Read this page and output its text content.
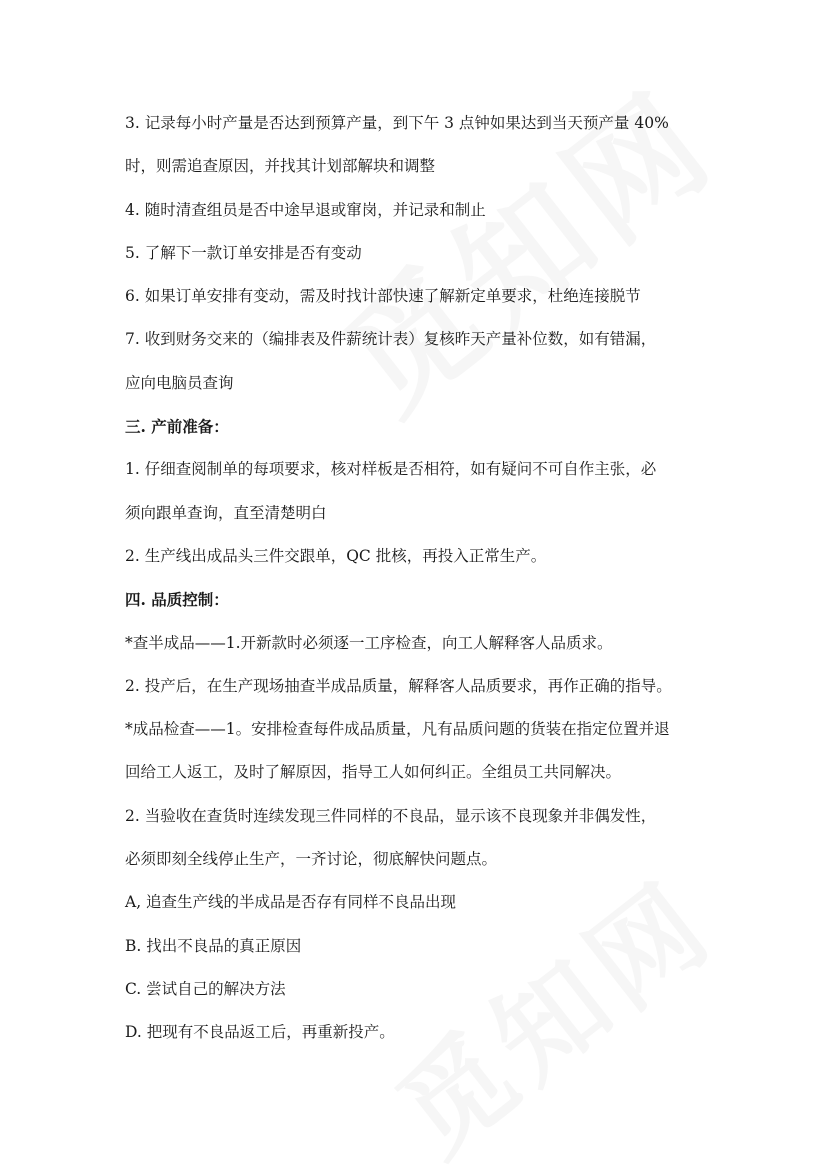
3. 记录每小时产量是否达到预算产量，到下午 3 点钟如果达到当天预产量 40%
时，则需追查原因，并找其计划部解块和调整
4. 随时清查组员是否中途早退或窜岗，并记录和制止
5. 了解下一款订单安排是否有变动
6. 如果订单安排有变动，需及时找计部快速了解新定单要求，杜绝连接脱节
7. 收到财务交来的（编排表及件薪统计表）复核昨天产量补位数，如有错漏，
应向电脑员查询
三. 产前准备：
1. 仔细查阅制单的每项要求，核对样板是否相符，如有疑问不可自作主张，必
须向跟单查询，直至清楚明白
2. 生产线出成品头三件交跟单，QC 批核，再投入正常生产。
四. 品质控制：
*查半成品——1.开新款时必须逐一工序检查，向工人解释客人品质求。
2. 投产后，在生产现场抽查半成品质量，解释客人品质要求，再作正确的指导。
*成品检查——1。安排检查每件成品质量，凡有品质问题的货装在指定位置并退
回给工人返工，及时了解原因，指导工人如何纠正。全组员工共同解决。
2. 当验收在查货时连续发现三件同样的不良品，显示该不良现象并非偶发性，
必须即刻全线停止生产，一齐讨论，彻底解快问题点。
A, 追查生产线的半成品是否存有同样不良品出现
B. 找出不良品的真正原因
C. 尝试自己的解决方法
D. 把现有不良品返工后，再重新投产。
